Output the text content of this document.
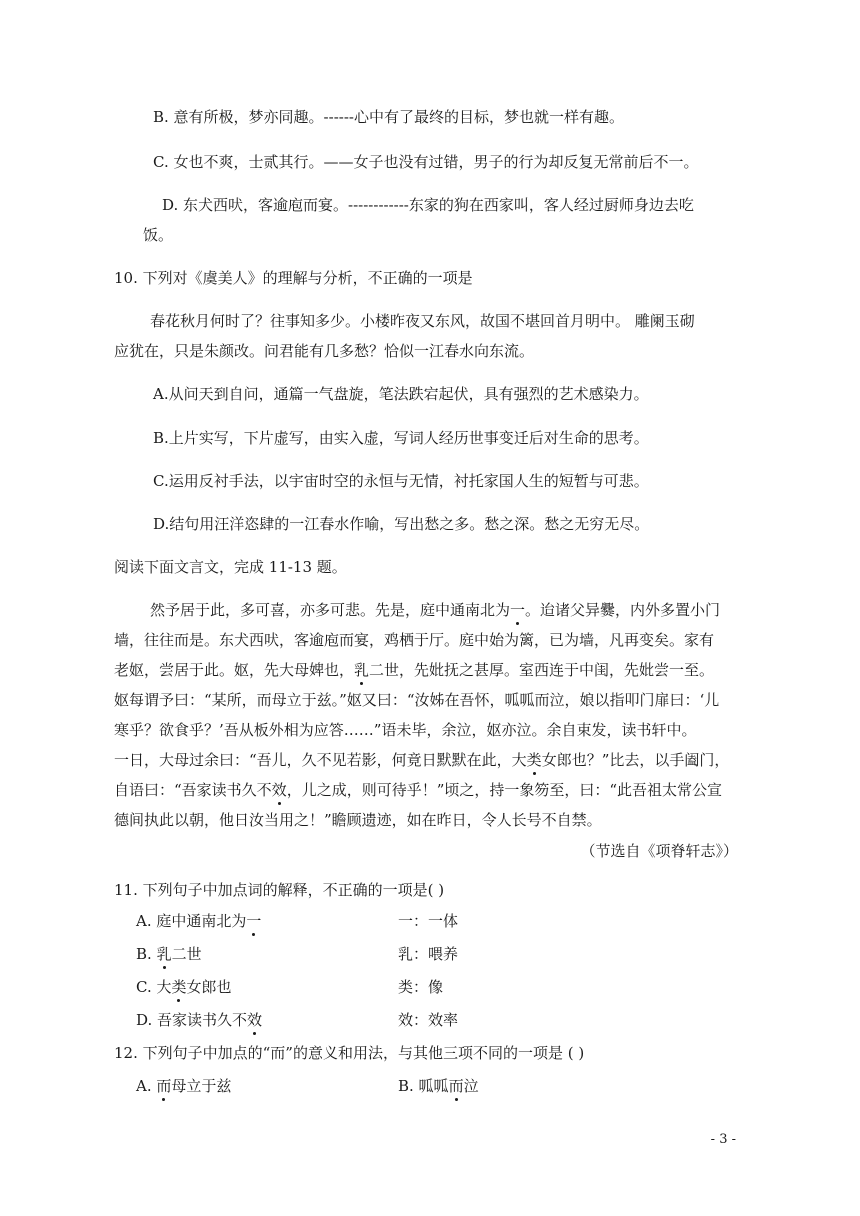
B. 意有所极，梦亦同趣。------心中有了最终的目标，梦也就一样有趣。
C. 女也不爽，士贰其行。——女子也没有过错，男子的行为却反复无常前后不一。
D. 东犬西吠，客逾庖而宴。------------东家的狗在西家叫，客人经过厨师身边去吃
饭。
10. 下列对《虞美人》的理解与分析，不正确的一项是
春花秋月何时了？往事知多少。小楼昨夜又东风，故国不堪回首月明中。 雕阑玉砌
应犹在，只是朱颜改。问君能有几多愁？恰似一江春水向东流。
A.从问天到自问，通篇一气盘旋，笔法跌宕起伏，具有强烈的艺术感染力。
B.上片实写，下片虚写，由实入虚，写词人经历世事变迁后对生命的思考。
C.运用反衬手法，以宇宙时空的永恒与无情，衬托家国人生的短暂与可悲。
D.结句用汪洋恣肆的一江春水作喻，写出愁之多。愁之深。愁之无穷无尽。
阅读下面文言文，完成 11-13 题。
然予居于此，多可喜，亦多可悲。先是，庭中通南北为一。迨诸父异爨，内外多置小门
墙，往往而是。东犬西吠，客逾庖而宴，鸡栖于厅。庭中始为篱，已为墙，凡再变矣。家有
老妪，尝居于此。妪，先大母婢也，乳二世，先妣抚之甚厚。室西连于中闺，先妣尝一至。
妪每谓予曰：“某所，而母立于兹。”妪又曰：“汝姊在吾怀，呱呱而泣，娘以指叩门扉曰：‘儿
寒乎？欲食乎？’吾从板外相为应答……”语未毕，余泣，妪亦泣。余自束发，读书轩中。
一日，大母过余曰：“吾儿，久不见若影，何竟日默默在此，大类女郎也？”比去，以手阖门，
自语曰：“吾家读书久不效，儿之成，则可待乎！”顷之，持一象笏至，曰：“此吾祖太常公宣
德间执此以朝，他日汝当用之！”瞻顾遗迹，如在昨日，令人长号不自禁。
（节选自《项脊轩志》）
11. 下列句子中加点词的解释，不正确的一项是( )
A. 庭中通南北为一	一：一体
B. 乳二世	乳：喂养
C. 大类女郎也	类：像
D. 吾家读书久不效	效：效率
12. 下列句子中加点的“而”的意义和用法，与其他三项不同的一项是 ( )
A. 而母立于兹	B. 呱呱而泣
- 3 -
